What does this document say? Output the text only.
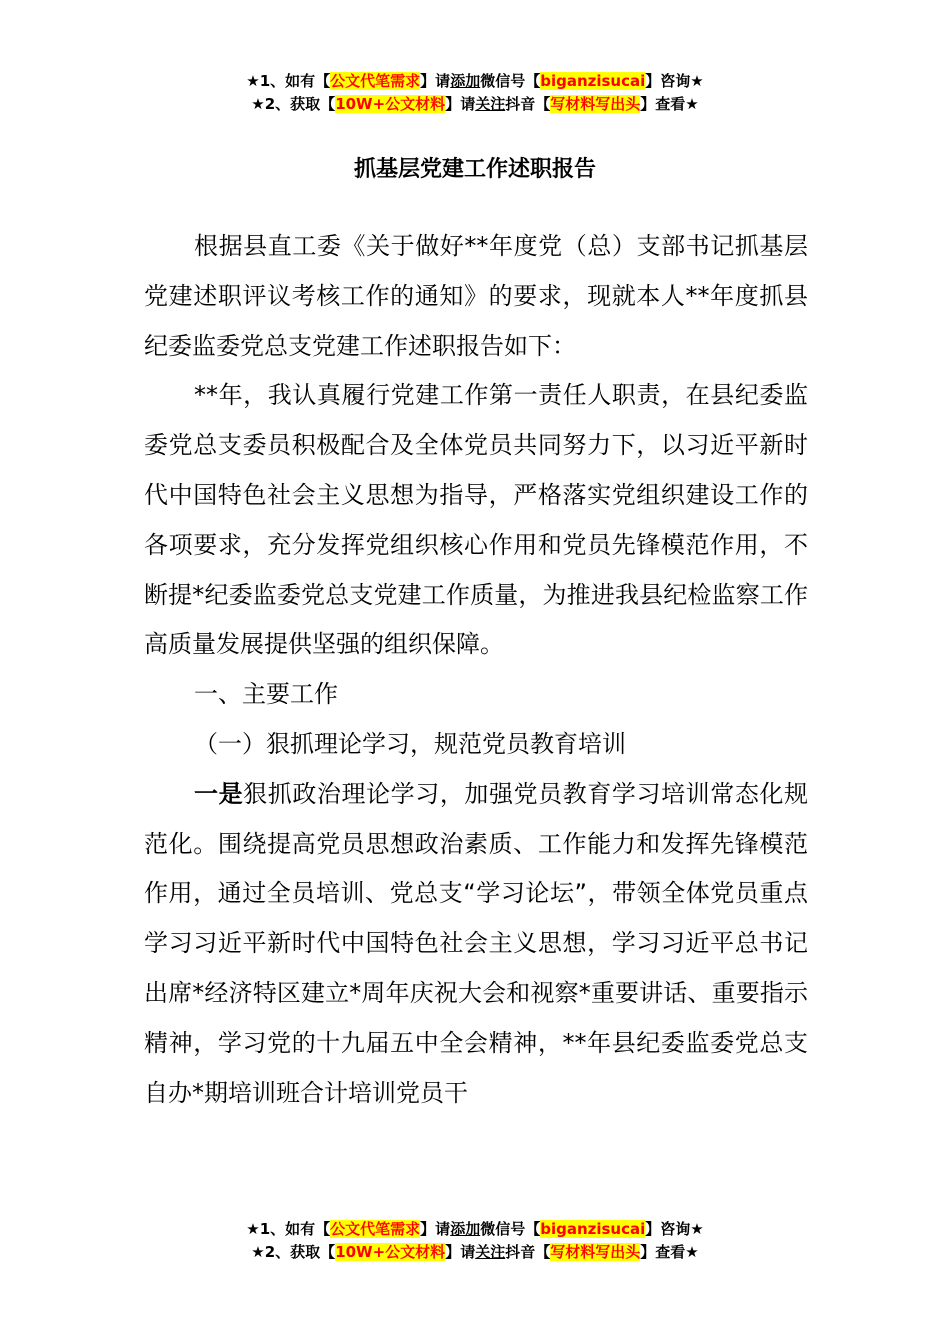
★1、如有【公文代笔需求】请添加微信号【biganzisucai】咨询★
★2、获取【10W+公文材料】请关注抖音【写材料写出头】查看★
抓基层党建工作述职报告

根据县直工委《关于做好**年度党（总）支部书记抓基层党建述职评议考核工作的通知》的要求，现就本人**年度抓县纪委监委党总支党建工作述职报告如下：

**年，我认真履行党建工作第一责任人职责，在县纪委监委党总支委员积极配合及全体党员共同努力下，以习近平新时代中国特色社会主义思想为指导，严格落实党组织建设工作的各项要求，充分发挥党组织核心作用和党员先锋模范作用，不断提*纪委监委党总支党建工作质量，为推进我县纪检监察工作高质量发展提供坚强的组织保障。

一、主要工作

（一）狠抓理论学习，规范党员教育培训

一是狠抓政治理论学习，加强党员教育学习培训常态化规范化。围绕提高党员思想政治素质、工作能力和发挥先锋模范作用，通过全员培训、党总支“学习论坛”，带领全体党员重点学习习近平新时代中国特色社会主义思想，学习习近平总书记出席*经济特区建立*周年庆祝大会和视察*重要讲话、重要指示精神，学习党的十九届五中全会精神，**年县纪委监委党总支自办*期培训班合计培训党员干

★1、如有【公文代笔需求】请添加微信号【biganzisucai】咨询★
★2、获取【10W+公文材料】请关注抖音【写材料写出头】查看★
